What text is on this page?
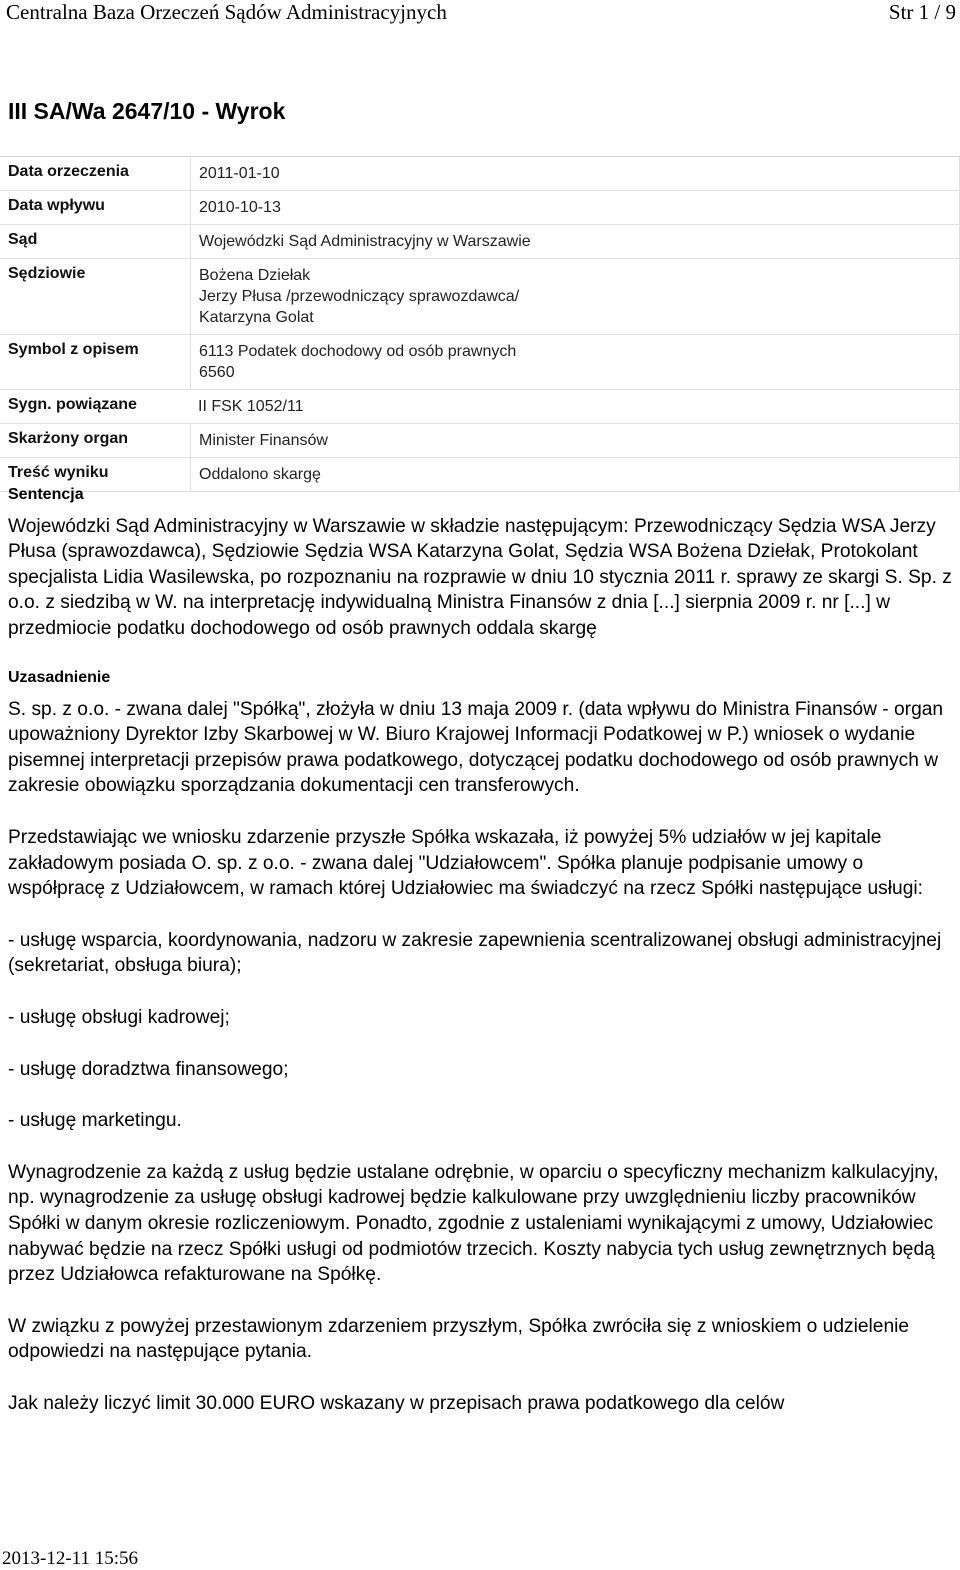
Centralna Baza Orzeczeń Sądów Administracyjnych	Str 1 / 9
III SA/Wa 2647/10 - Wyrok
Data orzeczenia	2011-01-10
Data wpływu	2010-10-13
Sąd	Wojewódzki Sąd Administracyjny w Warszawie
Sędziowie	Bożena Dziełak
Jerzy Płusa /przewodniczący sprawozdawca/
Katarzyna Golat
Symbol z opisem	6113 Podatek dochodowy od osób prawnych
6560
Sygn. powiązane	II FSK 1052/11
Skarżony organ	Minister Finansów
Treść wyniku	Oddalono skargę
Sentencja
Wojewódzki Sąd Administracyjny w Warszawie w składzie następującym: Przewodniczący Sędzia WSA Jerzy Płusa (sprawozdawca), Sędziowie Sędzia WSA Katarzyna Golat, Sędzia WSA Bożena Dziełak, Protokolant specjalista Lidia Wasilewska, po rozpoznaniu na rozprawie w dniu 10 stycznia 2011 r. sprawy ze skargi S. Sp. z o.o. z siedzibą w W. na interpretację indywidualną Ministra Finansów z dnia [...] sierpnia 2009 r. nr [...] w przedmiocie podatku dochodowego od osób prawnych oddala skargę
Uzasadnienie

S. sp. z o.o. - zwana dalej "Spółką", złożyła w dniu 13 maja 2009 r. (data wpływu do Ministra Finansów - organ upoważniony Dyrektor Izby Skarbowej w W. Biuro Krajowej Informacji Podatkowej w P.) wniosek o wydanie pisemnej interpretacji przepisów prawa podatkowego, dotyczącej podatku dochodowego od osób prawnych w zakresie obowiązku sporządzania dokumentacji cen transferowych.

Przedstawiając we wniosku zdarzenie przyszłe Spółka wskazała, iż powyżej 5% udziałów w jej kapitale zakładowym posiada O. sp. z o.o. - zwana dalej "Udziałowcem". Spółka planuje podpisanie umowy o współpracę z Udziałowcem, w ramach której Udziałowiec ma świadczyć na rzecz Spółki następujące usługi:

- usługę wsparcia, koordynowania, nadzoru w zakresie zapewnienia scentralizowanej obsługi administracyjnej (sekretariat, obsługa biura);

- usługę obsługi kadrowej;

- usługę doradztwa finansowego;

- usługę marketingu.

Wynagrodzenie za każdą z usług będzie ustalane odrębnie, w oparciu o specyficzny mechanizm kalkulacyjny, np. wynagrodzenie za usługę obsługi kadrowej będzie kalkulowane przy uwzględnieniu liczby pracowników Spółki w danym okresie rozliczeniowym. Ponadto, zgodnie z ustaleniami wynikającymi z umowy, Udziałowiec nabywać będzie na rzecz Spółki usługi od podmiotów trzecich. Koszty nabycia tych usług zewnętrznych będą przez Udziałowca refakturowane na Spółkę.

W związku z powyżej przestawionym zdarzeniem przyszłym, Spółka zwróciła się z wnioskiem o udzielenie odpowiedzi na następujące pytania.

Jak należy liczyć limit 30.000 EURO wskazany w przepisach prawa podatkowego dla celów

2013-12-11 15:56
